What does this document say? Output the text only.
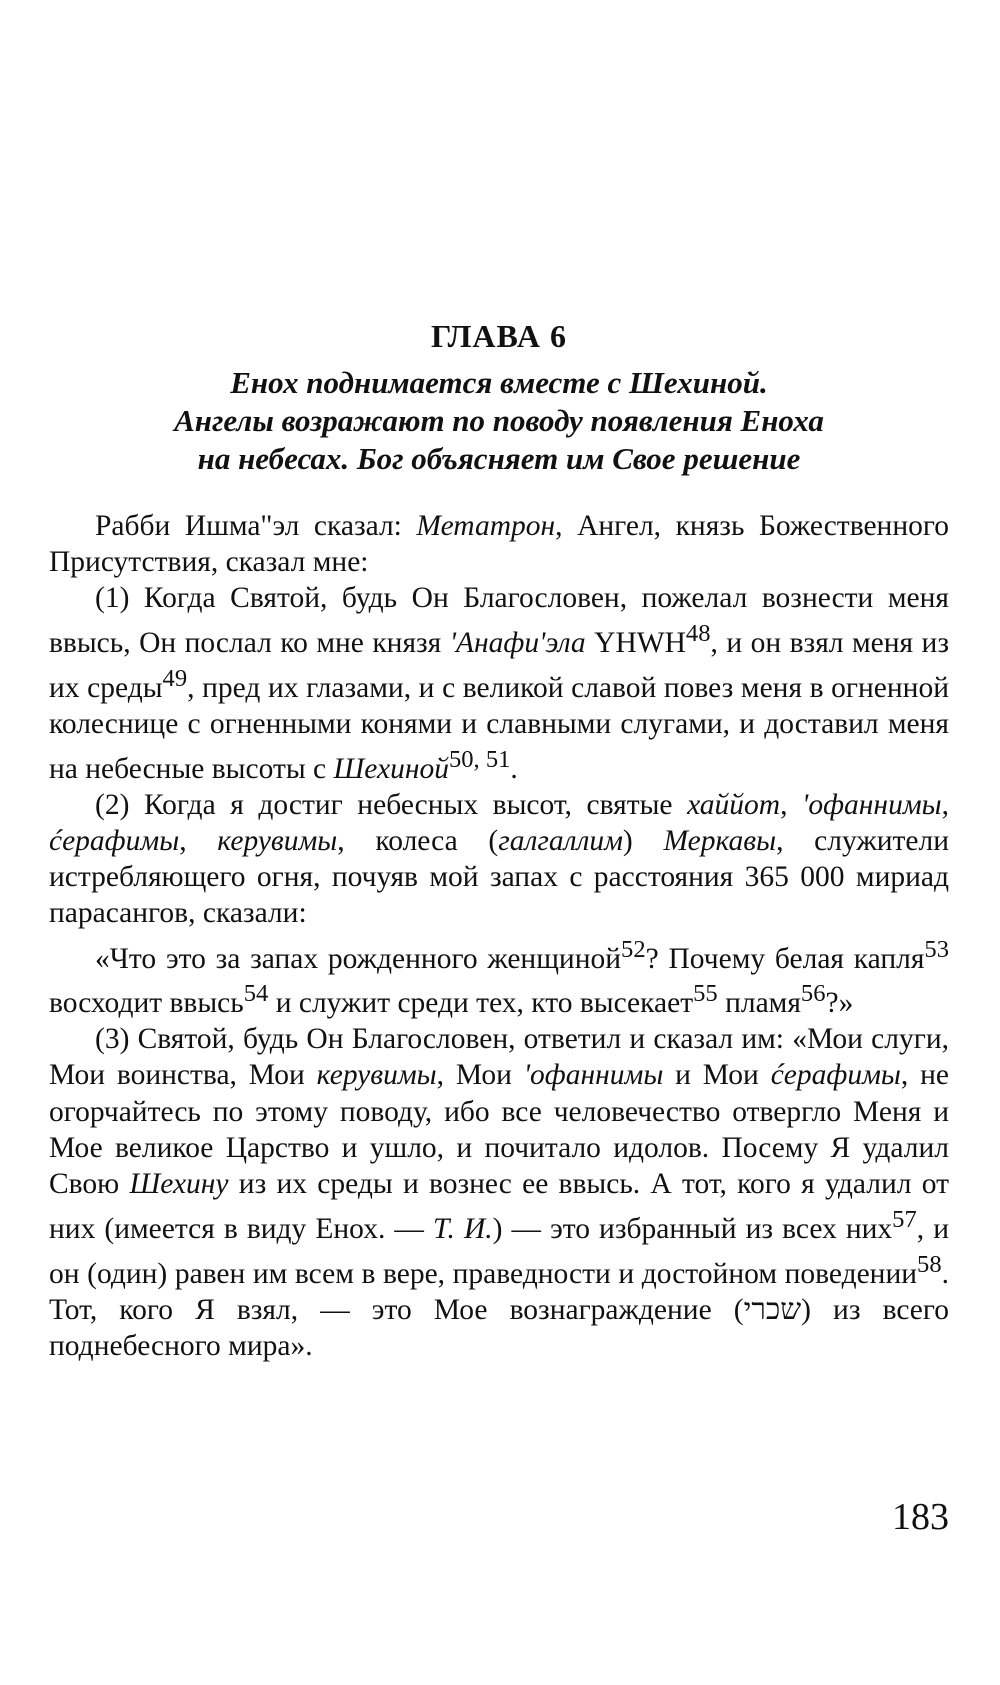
ГЛАВА 6
Енох поднимается вместе с Шехиной.
Ангелы возражают по поводу появления Еноха
на небесах. Бог объясняет им Свое решение

Рабби Ишма"эл сказал: Метатрон, Ангел, князь Божественного Присутствия, сказал мне:

(1) Когда Святой, будь Он Благословен, пожелал вознести меня ввысь, Он послал ко мне князя 'Анафи'эла YHWH$^{48}$, и он взял меня из их среды$^{49}$, пред их глазами, и с великой славой повез меня в огненной колеснице с огненными конями и славными слугами, и доставил меня на небесные высоты с Шехиной$^{50, 51}$.

(2) Когда я достиг небесных высот, святые хаййот, 'офаннимы, ćерафимы, керувимы, колеса (галгаллим) Меркавы, служители истребляющего огня, почуяв мой запах с расстояния 365 000 мириад парасангов, сказали:

«Что это за запах рожденного женщиной$^{52}$? Почему белая капля$^{53}$ восходит ввысь$^{54}$ и служит среди тех, кто высекает$^{55}$ пламя$^{56}$?»

(3) Святой, будь Он Благословен, ответил и сказал им: «Мои слуги, Мои воинства, Мои керувимы, Мои 'офаннимы и Мои ćерафимы, не огорчайтесь по этому поводу, ибо все человечество отвергло Меня и Мое великое Царство и ушло, и почитало идолов. Посему Я удалил Свою Шехину из их среды и вознес ее ввысь. А тот, кого я удалил от них (имеется в виду Енох. — Т. И.) — это избранный из всех них$^{57}$, и он (один) равен им всем в вере, праведности и достойном поведении$^{58}$. Тот, кого Я взял, — это Мое вознаграждение (שכרי) из всего поднебесного мира».

183
